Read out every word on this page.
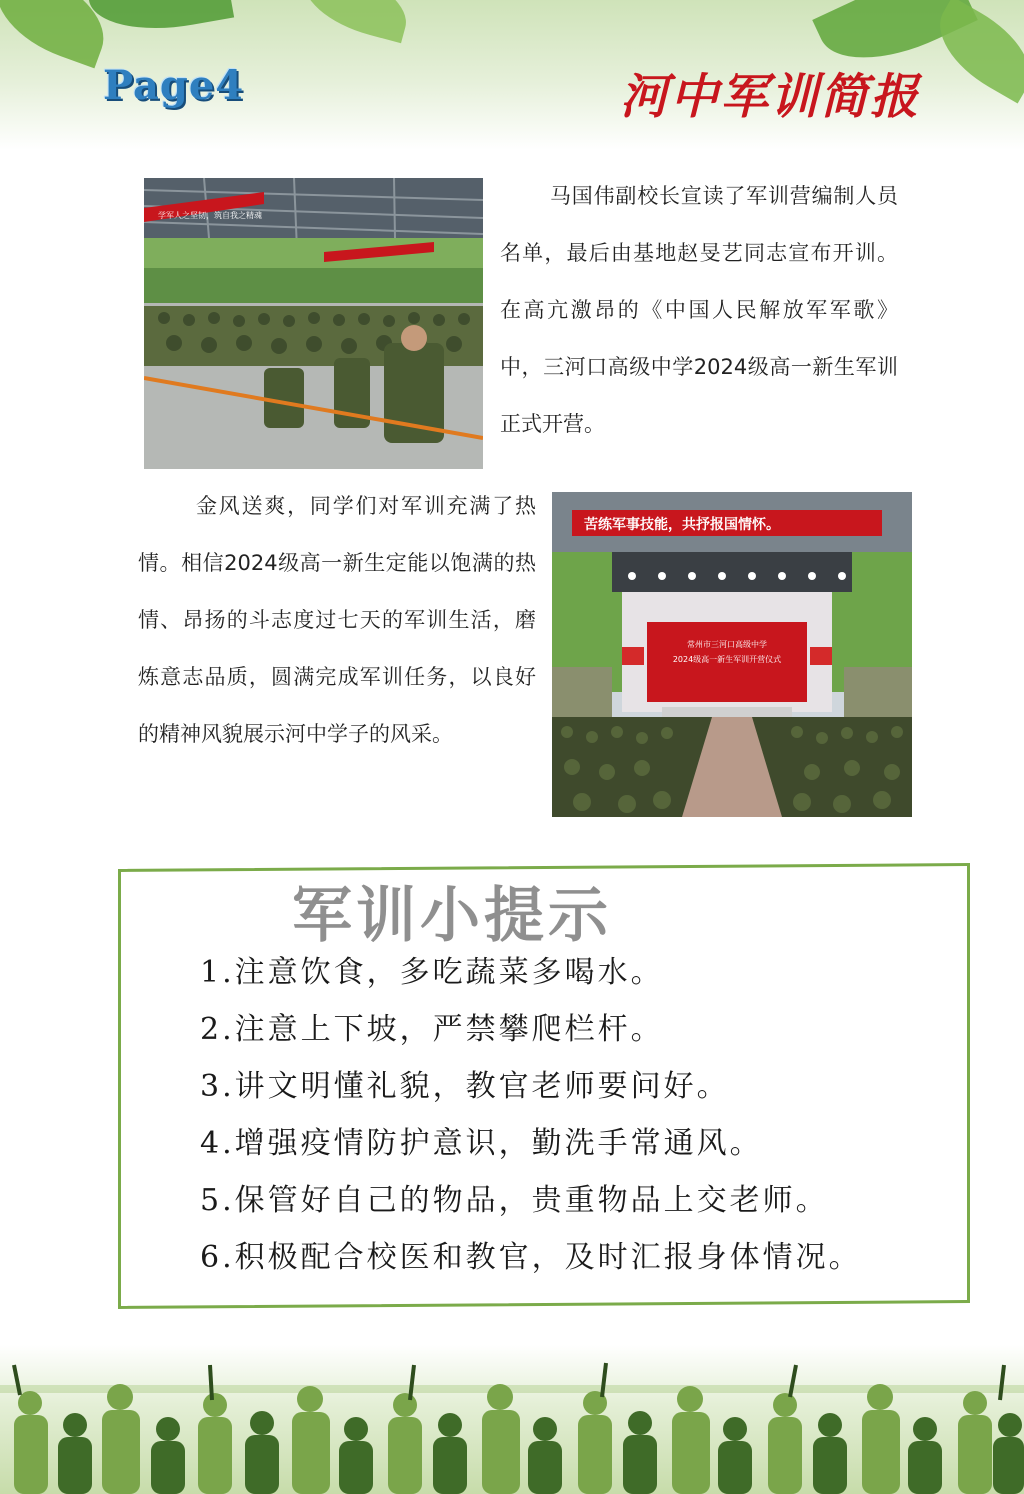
Page4	河中军训简报
学军人之坚韧，筑自我之精魂

马国伟副校长宣读了军训营编制人员名单，最后由基地赵旻艺同志宣布开训。在高亢激昂的《中国人民解放军军歌》中，三河口高级中学2024级高一新生军训正式开营。

苦练军事技能，共抒报国情怀。
常州市三河口高级中学
2024级高一新生军训开营仪式

金风送爽，同学们对军训充满了热情。相信2024级高一新生定能以饱满的热情、昂扬的斗志度过七天的军训生活，磨炼意志品质，圆满完成军训任务，以良好的精神风貌展示河中学子的风采。

军训小提示
1.注意饮食，多吃蔬菜多喝水。
2.注意上下坡，严禁攀爬栏杆。
3.讲文明懂礼貌，教官老师要问好。
4.增强疫情防护意识，勤洗手常通风。
5.保管好自己的物品，贵重物品上交老师。
6.积极配合校医和教官，及时汇报身体情况。
